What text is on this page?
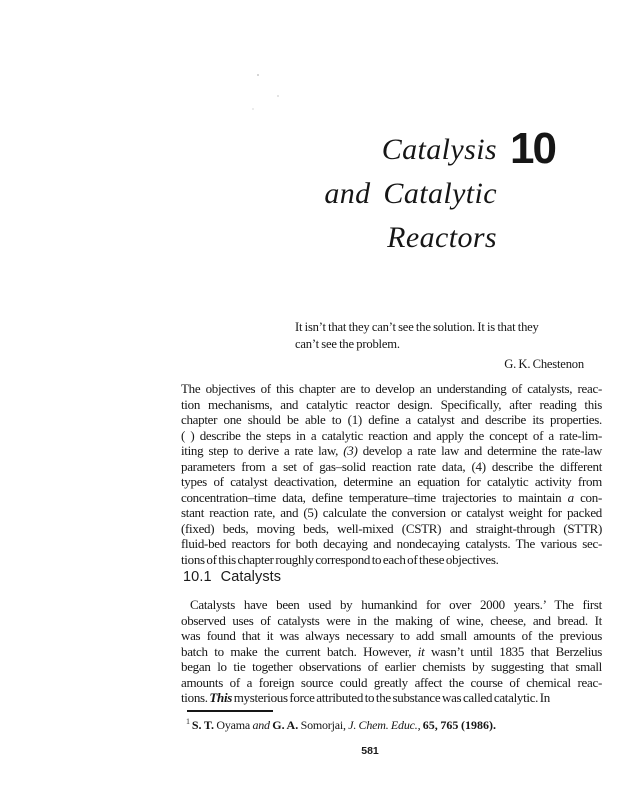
Catalysis
and Catalytic
Reactors
10
It isn’t that they can’t see the solution. It is that they
can’t see the problem.
G. K. Chestenon
The objectives of this chapter are to develop an understanding of catalysts, reac-
tion mechanisms, and catalytic reactor design. Specifically, after reading this
chapter one should be able to (1) define a catalyst and describe its properties.
( ) describe the steps in a catalytic reaction and apply the concept of a rate-lim-
iting step to derive a rate law, (3) develop a rate law and determine the rate-law
parameters from a set of gas–solid reaction rate data, (4) describe the different
types of catalyst deactivation, determine an equation for catalytic activity from
concentration–time data, define temperature–time trajectories to maintain a con-
stant reaction rate, and (5) calculate the conversion or catalyst weight for packed
(fixed) beds, moving beds, well-mixed (CSTR) and straight-through (STTR)
fluid-bed reactors for both decaying and nondecaying catalysts. The various sec-
tions of this chapter roughly correspond to each of these objectives.
10.1 Catalysts
Catalysts have been used by humankind for over 2000 years.’ The first
observed uses of catalysts were in the making of wine, cheese, and bread. It
was found that it was always necessary to add small amounts of the previous
batch to make the current batch. However, it wasn’t until 1835 that Berzelius
began lo tie together observations of earlier chemists by suggesting that small
amounts of a foreign source could greatly affect the course of chemical reac-
tions. This mysterious force attributed to the substance was called catalytic. In
$^1$ S. T. Oyama and G. A. Somorjai, J. Chem. Educ., 65, 765 (1986).
581
